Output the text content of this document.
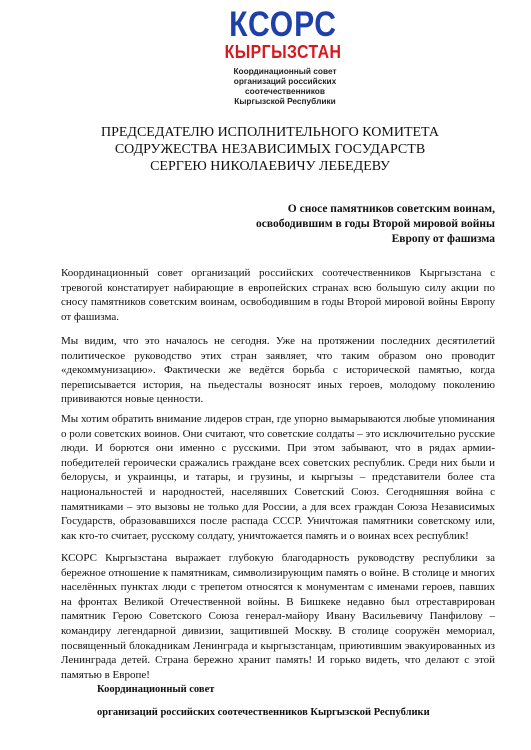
КСОРС
КЫРГЫЗСТАН
Координационный совет
организаций российских
соотечественников
Кыргызской Республики
ПРЕДСЕДАТЕЛЮ ИСПОЛНИТЕЛЬНОГО КОМИТЕТА
СОДРУЖЕСТВА НЕЗАВИСИМЫХ ГОСУДАРСТВ
СЕРГЕЮ НИКОЛАЕВИЧУ ЛЕБЕДЕВУ
О сносе памятников советским воинам,
освободившим в годы Второй мировой войны
Европу от фашизма

Координационный совет организаций российских соотечественников Кыргызстана с тревогой констатирует набирающие в европейских странах всю большую силу акции по сносу памятников советским воинам, освободившим в годы Второй мировой войны Европу от фашизма.

Мы видим, что это началось не сегодня. Уже на протяжении последних десятилетий политическое руководство этих стран заявляет, что таким образом оно проводит «декоммунизацию». Фактически же ведётся борьба с исторической памятью, когда переписывается история, на пьедесталы возносят иных героев, молодому поколению прививаются новые ценности.

Мы хотим обратить внимание лидеров стран, где упорно вымарываются любые упоминания о роли советских воинов. Они считают, что советские солдаты – это исключительно русские люди. И борются они именно с русскими. При этом забывают, что в рядах армии-победителей героически сражались граждане всех советских республик. Среди них были и белорусы, и украинцы, и татары, и грузины, и кыргызы – представители более ста национальностей и народностей, населявших Советский Союз. Сегодняшняя война с памятниками – это вызовы не только для России, а для всех граждан Союза Независимых Государств, образовавшихся после распада СССР. Уничтожая памятники советскому или, как кто-то считает, русскому солдату, уничтожается память и о воинах всех республик!

КСОРС Кыргызстана выражает глубокую благодарность руководству республики за бережное отношение к памятникам, символизирующим память о войне. В столице и многих населённых пунктах люди с трепетом относятся к монументам с именами героев, павших на фронтах Великой Отечественной войны. В Бишкеке недавно был отреставрирован памятник Герою Советского Союза генерал-майору Ивану Васильевичу Панфилову – командиру легендарной дивизии, защитившей Москву. В столице сооружён мемориал, посвященный блокадникам Ленинграда и кыргызстанцам, приютившим эвакуированных из Ленинграда детей. Страна бережно хранит память! И горько видеть, что делают с этой памятью в Европе!

Координационный совет
организаций российских соотечественников Кыргызской Республики
